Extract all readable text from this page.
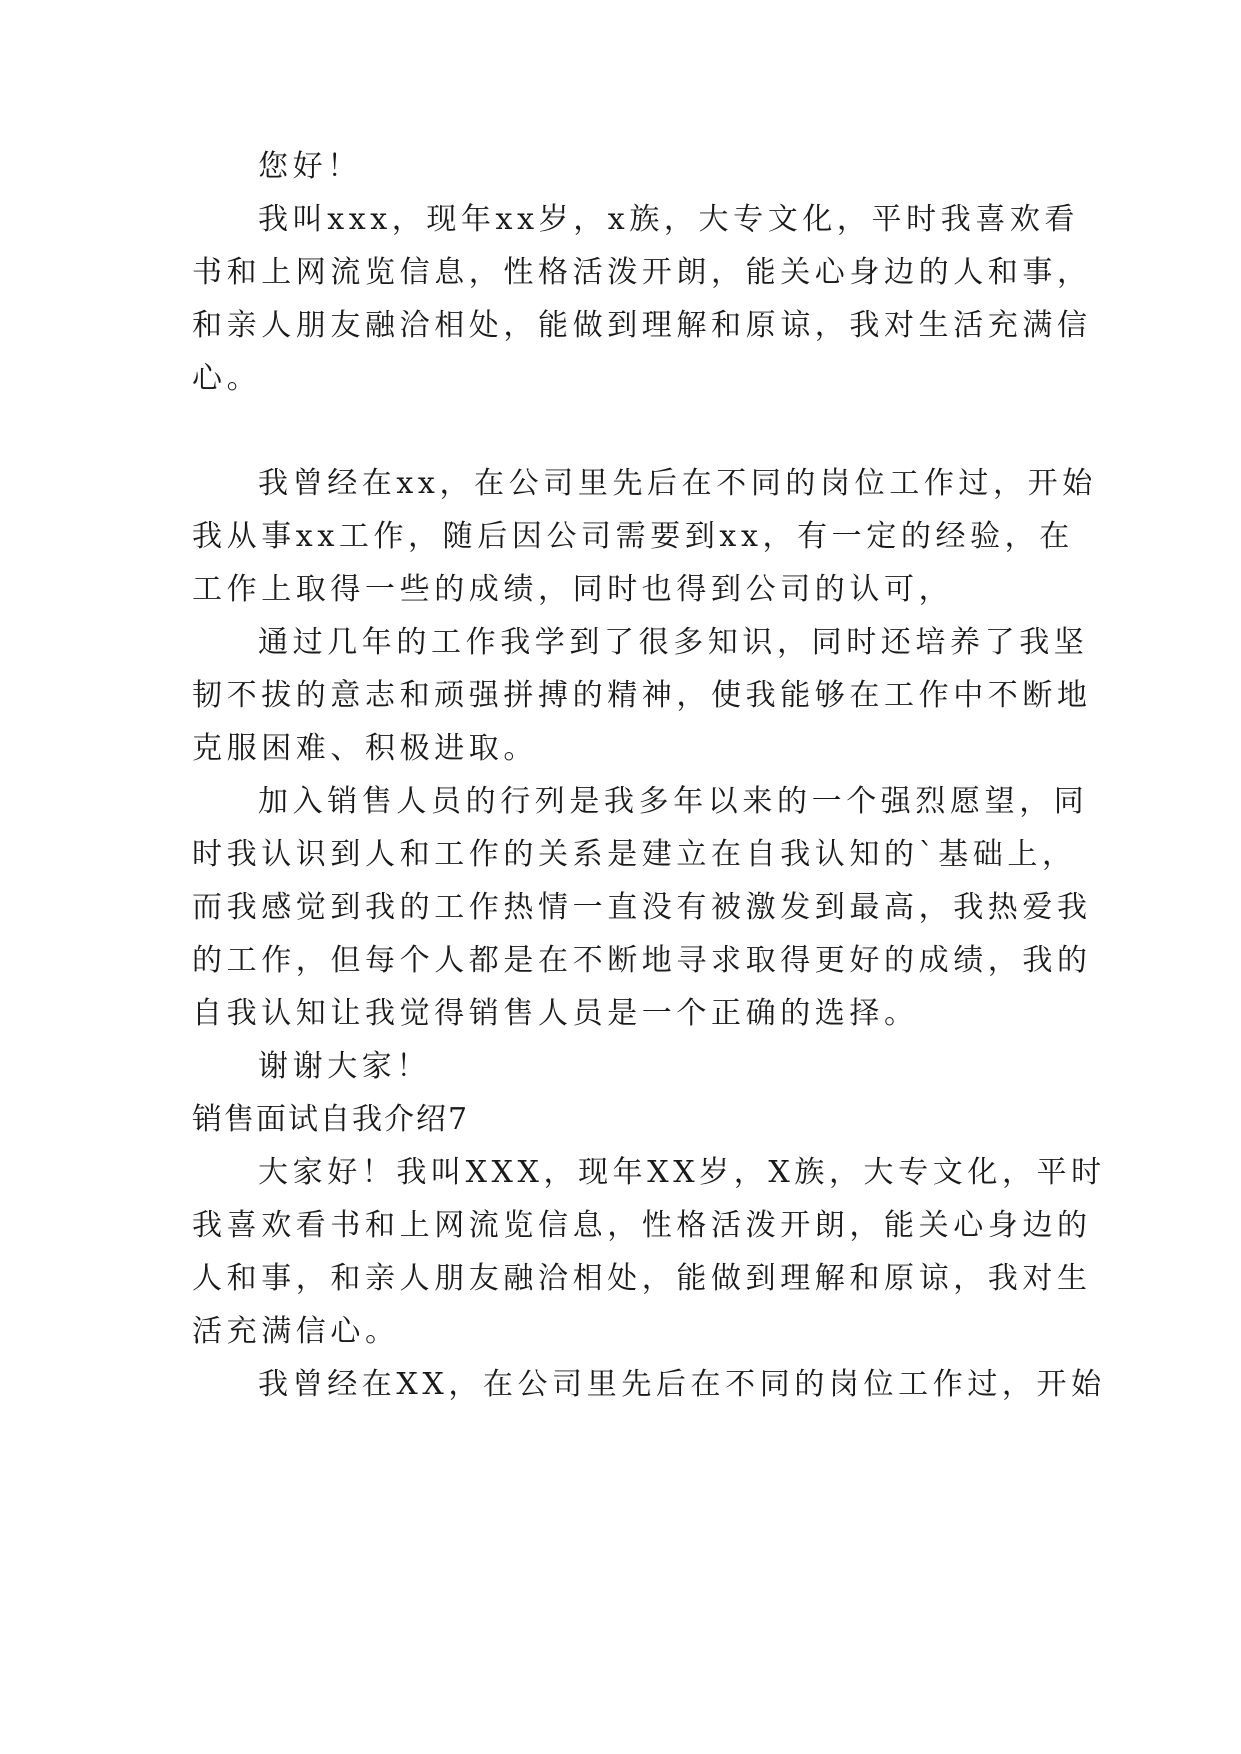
您好！
我叫xxx，现年xx岁，x族，大专文化，平时我喜欢看
书和上网流览信息，性格活泼开朗，能关心身边的人和事，
和亲人朋友融洽相处，能做到理解和原谅，我对生活充满信
心。
我曾经在xx，在公司里先后在不同的岗位工作过，开始
我从事xx工作，随后因公司需要到xx，有一定的经验，在
工作上取得一些的成绩，同时也得到公司的认可，
通过几年的工作我学到了很多知识，同时还培养了我坚
韧不拔的意志和顽强拼搏的精神，使我能够在工作中不断地
克服困难、积极进取。
加入销售人员的行列是我多年以来的一个强烈愿望，同
时我认识到人和工作的关系是建立在自我认知的`基础上，
而我感觉到我的工作热情一直没有被激发到最高，我热爱我
的工作，但每个人都是在不断地寻求取得更好的成绩，我的
自我认知让我觉得销售人员是一个正确的选择。
谢谢大家！
销售面试自我介绍7
大家好！我叫XXX，现年XX岁，X族，大专文化，平时
我喜欢看书和上网流览信息，性格活泼开朗，能关心身边的
人和事，和亲人朋友融洽相处，能做到理解和原谅，我对生
活充满信心。
我曾经在XX，在公司里先后在不同的岗位工作过，开始
